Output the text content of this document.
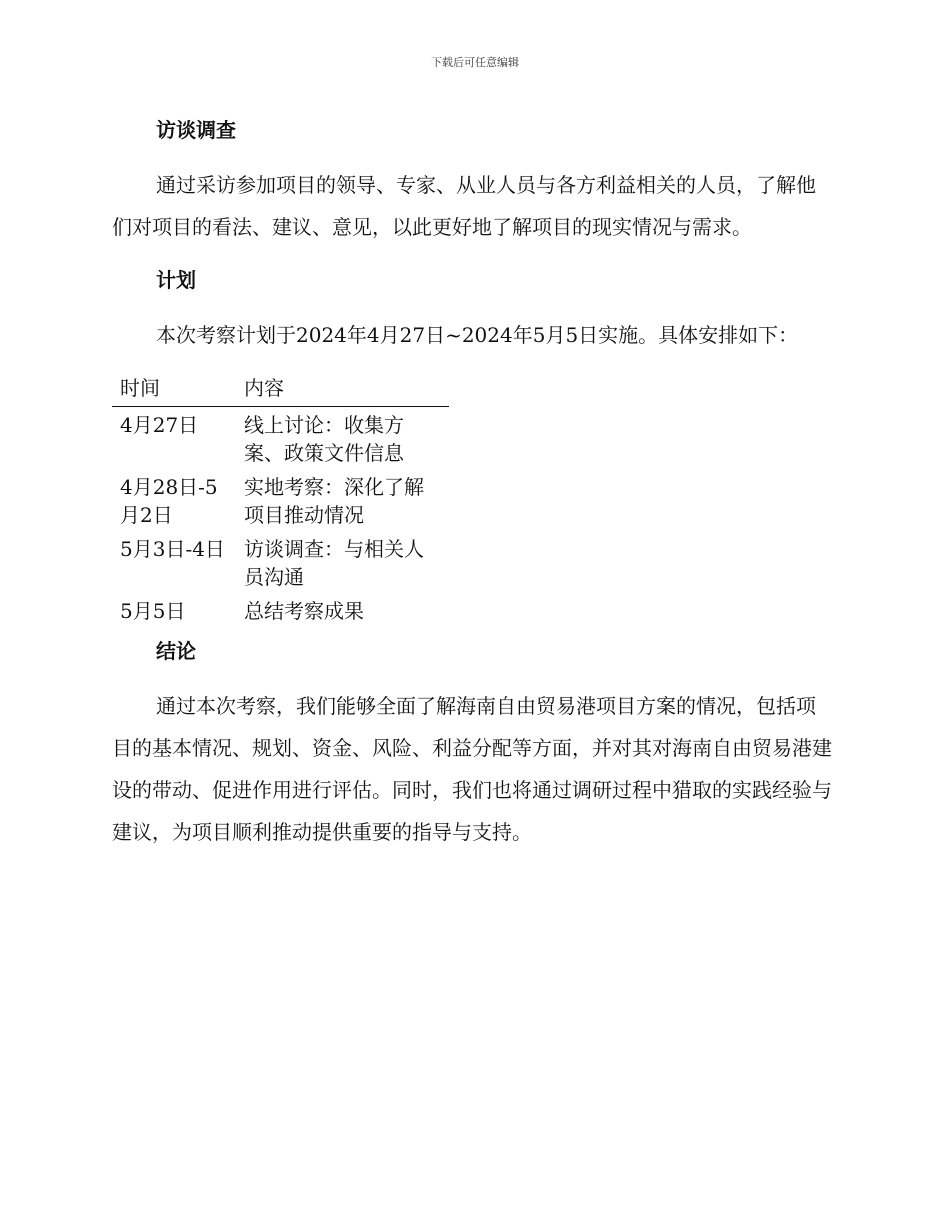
下载后可任意编辑
访谈调查

通过采访参加项目的领导、专家、从业人员与各方利益相关的人员，了解他们对项目的看法、建议、意见，以此更好地了解项目的现实情况与需求。

计划

本次考察计划于2024年4月27日~2024年5月5日实施。具体安排如下：

时间	内容
4月27日	线上讨论：收集方案、政策文件信息
4月28日-5月2日	实地考察：深化了解项目推动情况
5月3日-4日	访谈调查：与相关人员沟通
5月5日	总结考察成果
结论

通过本次考察，我们能够全面了解海南自由贸易港项目方案的情况，包括项目的基本情况、规划、资金、风险、利益分配等方面，并对其对海南自由贸易港建设的带动、促进作用进行评估。同时，我们也将通过调研过程中猎取的实践经验与建议，为项目顺利推动提供重要的指导与支持。
